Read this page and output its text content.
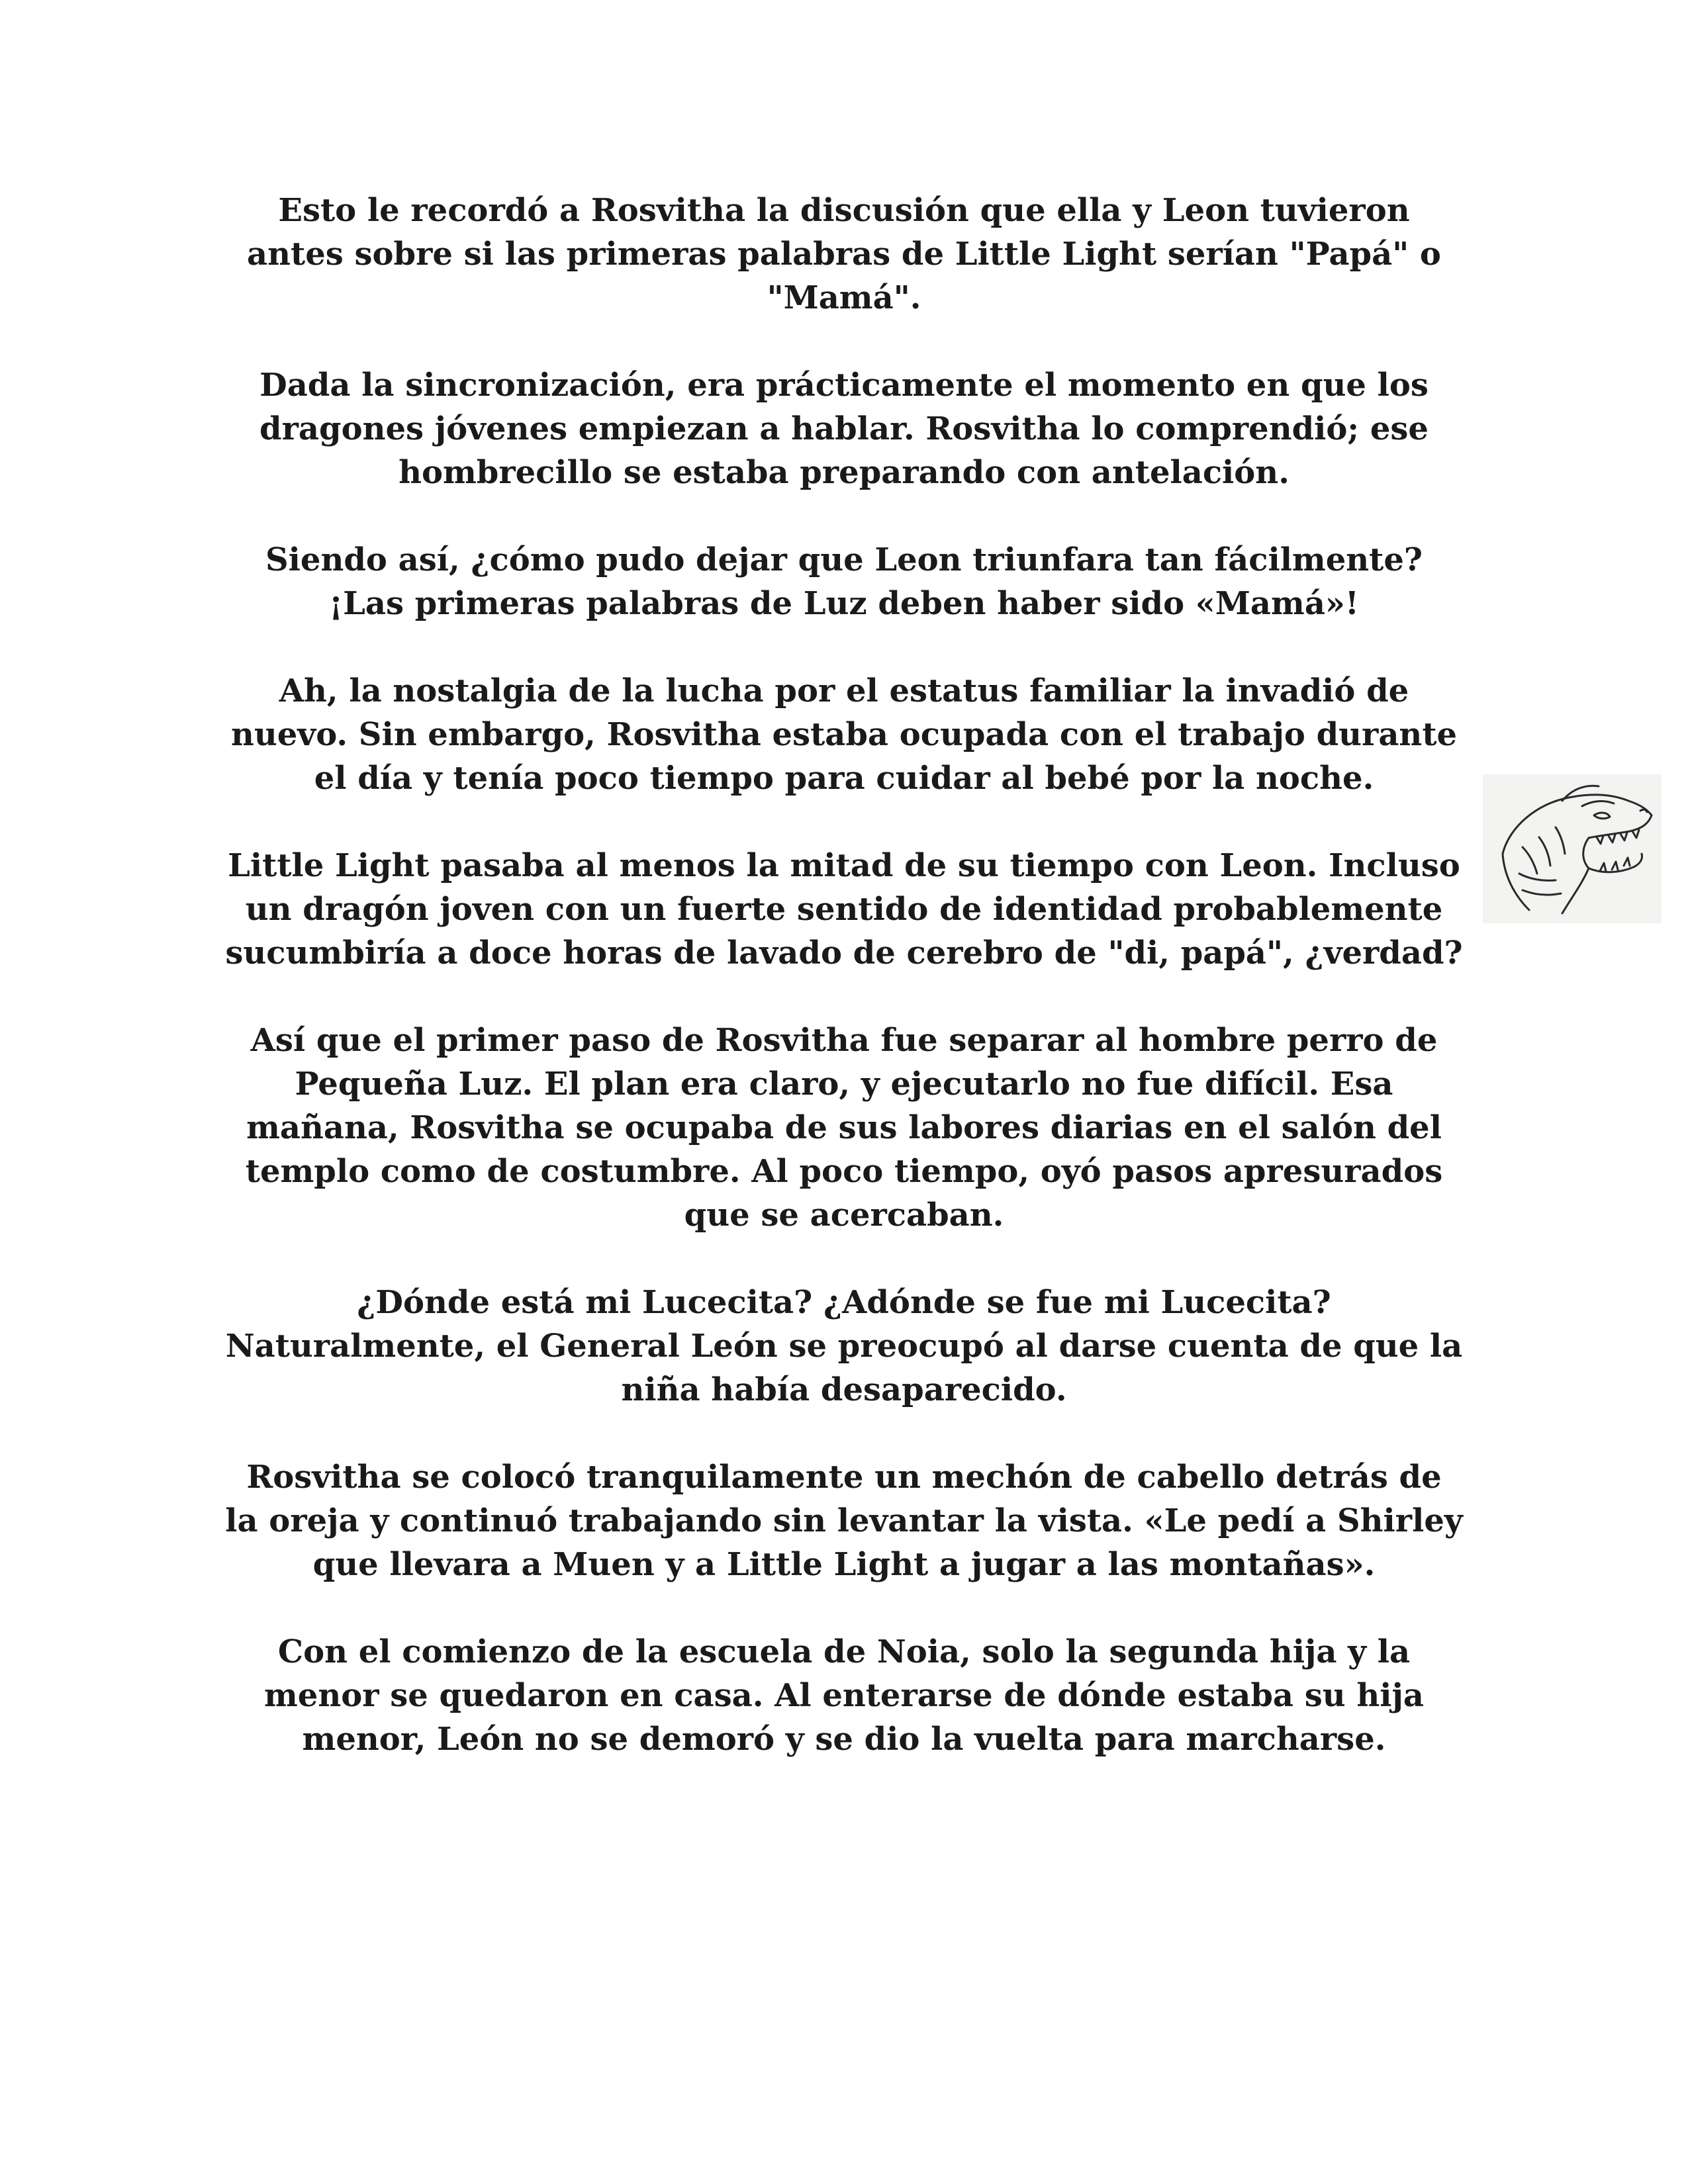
Esto le recordó a Rosvitha la discusión que ella y Leon tuvieron antes sobre si las primeras palabras de Little Light serían "Papá" o "Mamá".

Dada la sincronización, era prácticamente el momento en que los dragones jóvenes empiezan a hablar. Rosvitha lo comprendió; ese hombrecillo se estaba preparando con antelación.

Siendo así, ¿cómo pudo dejar que Leon triunfara tan fácilmente? ¡Las primeras palabras de Luz deben haber sido «Mamá»!

Ah, la nostalgia de la lucha por el estatus familiar la invadió de nuevo. Sin embargo, Rosvitha estaba ocupada con el trabajo durante el día y tenía poco tiempo para cuidar al bebé por la noche.

Little Light pasaba al menos la mitad de su tiempo con Leon. Incluso un dragón joven con un fuerte sentido de identidad probablemente sucumbiría a doce horas de lavado de cerebro de "di, papá", ¿verdad?

Así que el primer paso de Rosvitha fue separar al hombre perro de Pequeña Luz. El plan era claro, y ejecutarlo no fue difícil. Esa mañana, Rosvitha se ocupaba de sus labores diarias en el salón del templo como de costumbre. Al poco tiempo, oyó pasos apresurados que se acercaban.

¿Dónde está mi Lucecita? ¿Adónde se fue mi Lucecita? Naturalmente, el General León se preocupó al darse cuenta de que la niña había desaparecido.

Rosvitha se colocó tranquilamente un mechón de cabello detrás de la oreja y continuó trabajando sin levantar la vista. «Le pedí a Shirley que llevara a Muen y a Little Light a jugar a las montañas».

Con el comienzo de la escuela de Noia, solo la segunda hija y la menor se quedaron en casa. Al enterarse de dónde estaba su hija menor, León no se demoró y se dio la vuelta para marcharse.
